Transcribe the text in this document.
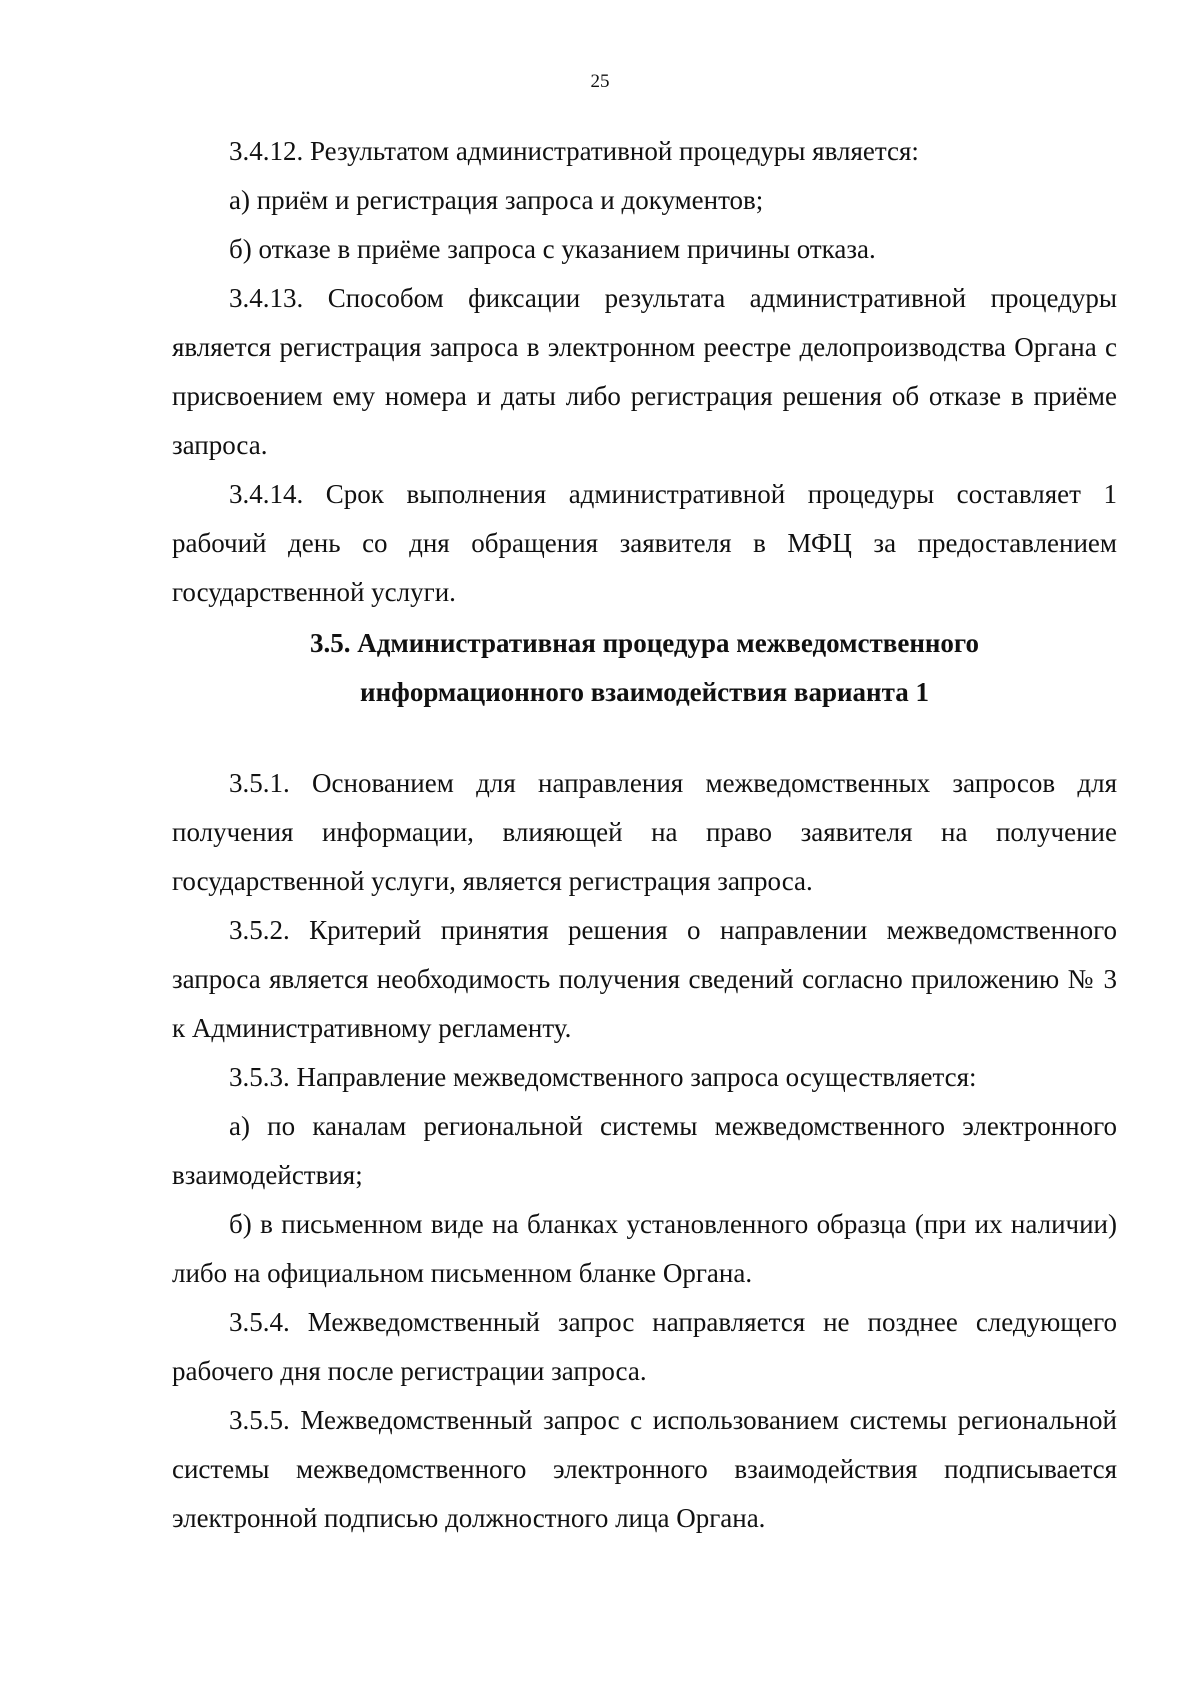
25

3.4.12. Результатом административной процедуры является:

а) приём и регистрация запроса и документов;

б) отказе в приёме запроса с указанием причины отказа.

3.4.13. Способом фиксации результата административной процедуры является регистрация запроса в электронном реестре делопроизводства Органа с присвоением ему номера и даты либо регистрация решения об отказе в приёме запроса.

3.4.14. Срок выполнения административной процедуры составляет 1 рабочий день со дня обращения заявителя в МФЦ за предоставлением государственной услуги.

3.5. Административная процедура межведомственного
информационного взаимодействия варианта 1

3.5.1. Основанием для направления межведомственных запросов для получения информации, влияющей на право заявителя на получение государственной услуги, является регистрация запроса.

3.5.2. Критерий принятия решения о направлении межведомственного запроса является необходимость получения сведений согласно приложению № 3 к Административному регламенту.

3.5.3. Направление межведомственного запроса осуществляется:

а) по каналам региональной системы межведомственного электронного взаимодействия;

б) в письменном виде на бланках установленного образца (при их наличии) либо на официальном письменном бланке Органа.

3.5.4. Межведомственный запрос направляется не позднее следующего рабочего дня после регистрации запроса.

3.5.5. Межведомственный запрос с использованием системы региональной системы межведомственного электронного взаимодействия подписывается электронной подписью должностного лица Органа.
